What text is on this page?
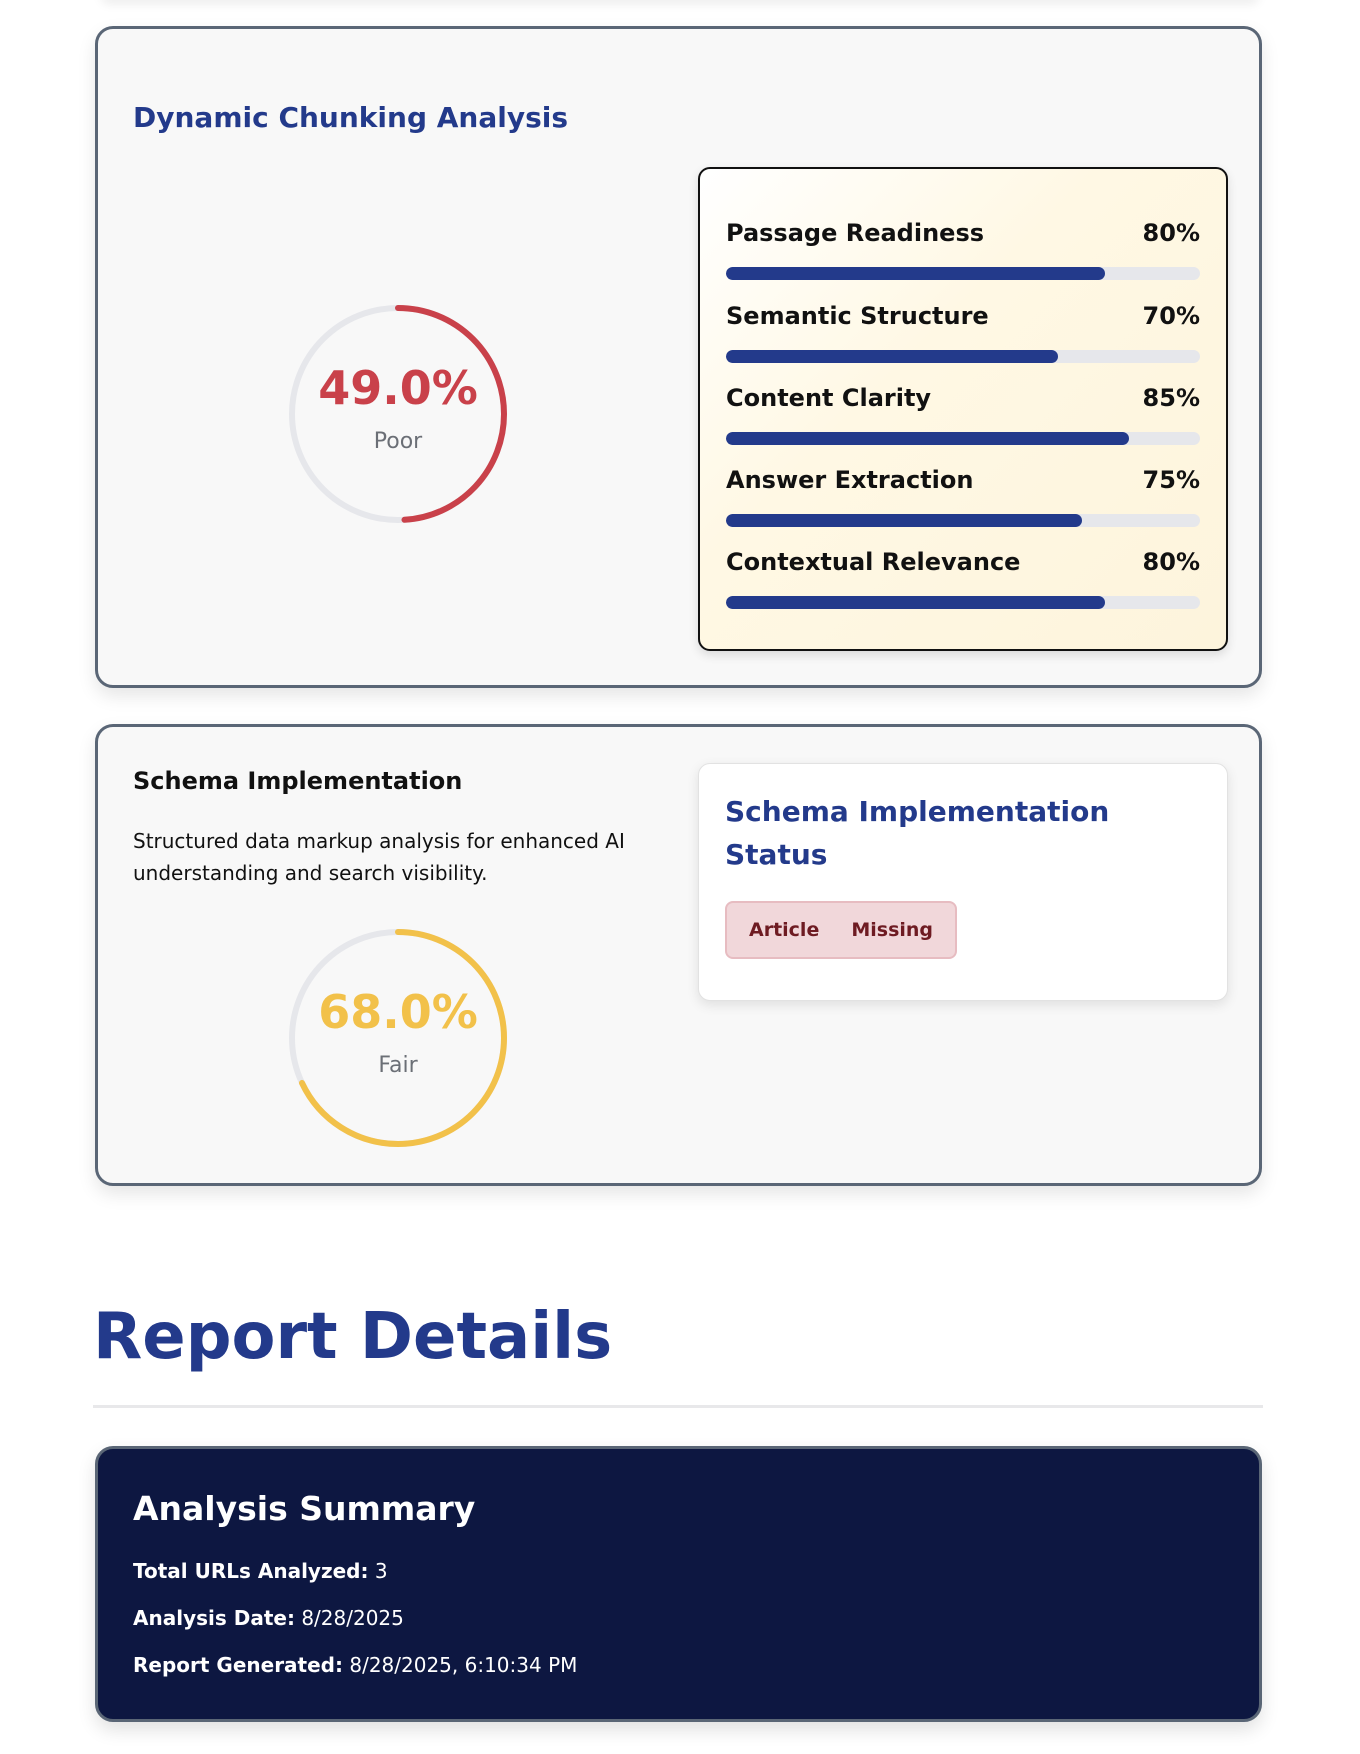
Dynamic Chunking Analysis
49.0%
Poor
Passage Readiness	80%
Semantic Structure	70%
Content Clarity	85%
Answer Extraction	75%
Contextual Relevance	80%
Schema Implementation

Structured data markup analysis for enhanced AI understanding and search visibility.

68.0%
Fair
Schema Implementation Status
Article Missing
Report Details
Analysis Summary

Total URLs Analyzed: 3

Analysis Date: 8/28/2025

Report Generated: 8/28/2025, 6:10:34 PM
